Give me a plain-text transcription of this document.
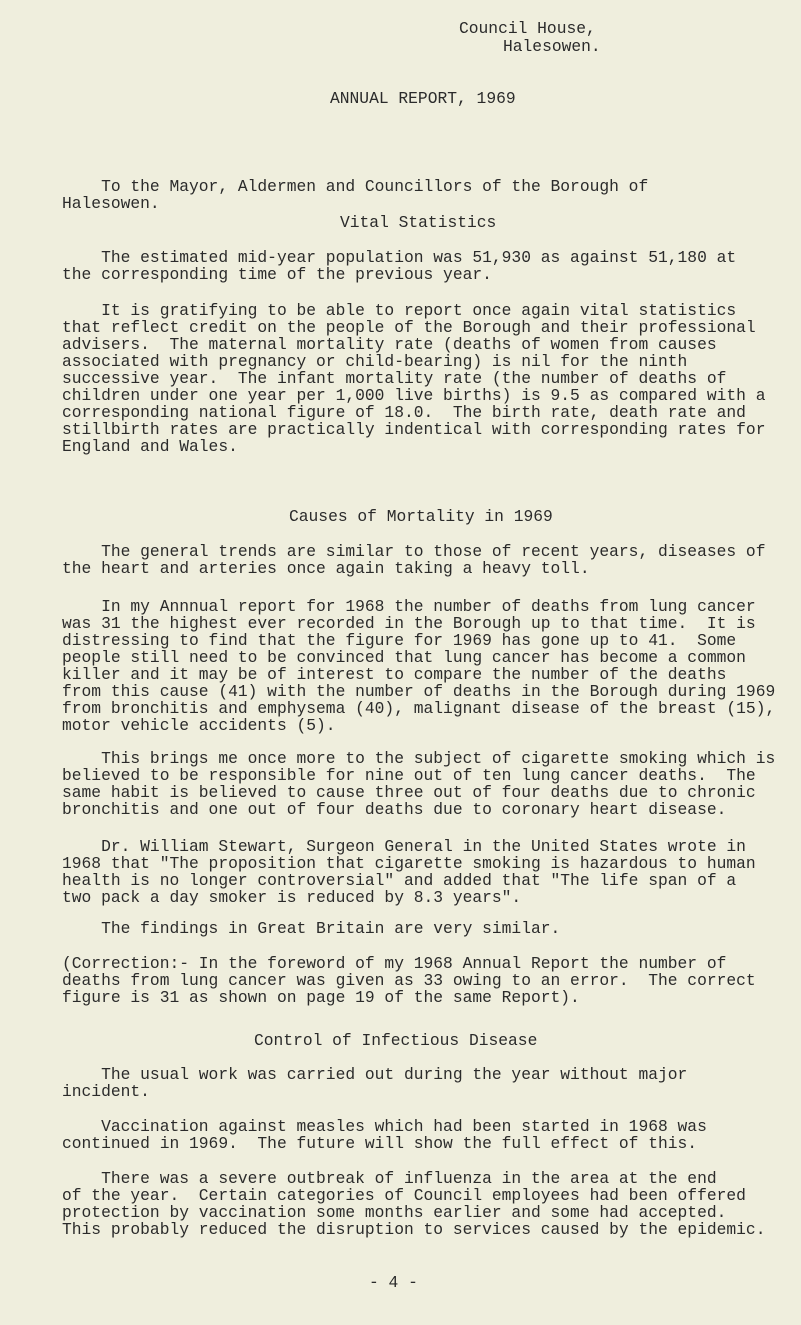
Council House,
Halesowen.
ANNUAL REPORT, 1969

To the Mayor, Aldermen and Councillors of the Borough of
Halesowen.

Vital Statistics
The estimated mid-year population was 51,930 as against 51,180 at
the corresponding time of the previous year.
It is gratifying to be able to report once again vital statistics
that reflect credit on the people of the Borough and their professional
advisers.  The maternal mortality rate (deaths of women from causes
associated with pregnancy or child-bearing) is nil for the ninth
successive year.  The infant mortality rate (the number of deaths of
children under one year per 1,000 live births) is 9.5 as compared with a
corresponding national figure of 18.0.  The birth rate, death rate and
stillbirth rates are practically indentical with corresponding rates for
England and Wales.
Causes of Mortality in 1969
The general trends are similar to those of recent years, diseases of
the heart and arteries once again taking a heavy toll.
In my Annnual report for 1968 the number of deaths from lung cancer
was 31 the highest ever recorded in the Borough up to that time.  It is
distressing to find that the figure for 1969 has gone up to 41.  Some
people still need to be convinced that lung cancer has become a common
killer and it may be of interest to compare the number of the deaths
from this cause (41) with the number of deaths in the Borough during 1969
from bronchitis and emphysema (40), malignant disease of the breast (15),
motor vehicle accidents (5).
This brings me once more to the subject of cigarette smoking which is
believed to be responsible for nine out of ten lung cancer deaths.  The
same habit is believed to cause three out of four deaths due to chronic
bronchitis and one out of four deaths due to coronary heart disease.
Dr. William Stewart, Surgeon General in the United States wrote in
1968 that "The proposition that cigarette smoking is hazardous to human
health is no longer controversial" and added that "The life span of a
two pack a day smoker is reduced by 8.3 years".
The findings in Great Britain are very similar.
(Correction:- In the foreword of my 1968 Annual Report the number of
deaths from lung cancer was given as 33 owing to an error.  The correct
figure is 31 as shown on page 19 of the same Report).
Control of Infectious Disease
The usual work was carried out during the year without major
incident.
Vaccination against measles which had been started in 1968 was
continued in 1969.  The future will show the full effect of this.
There was a severe outbreak of influenza in the area at the end
of the year.  Certain categories of Council employees had been offered
protection by vaccination some months earlier and some had accepted.
This probably reduced the disruption to services caused by the epidemic.
- 4 -
